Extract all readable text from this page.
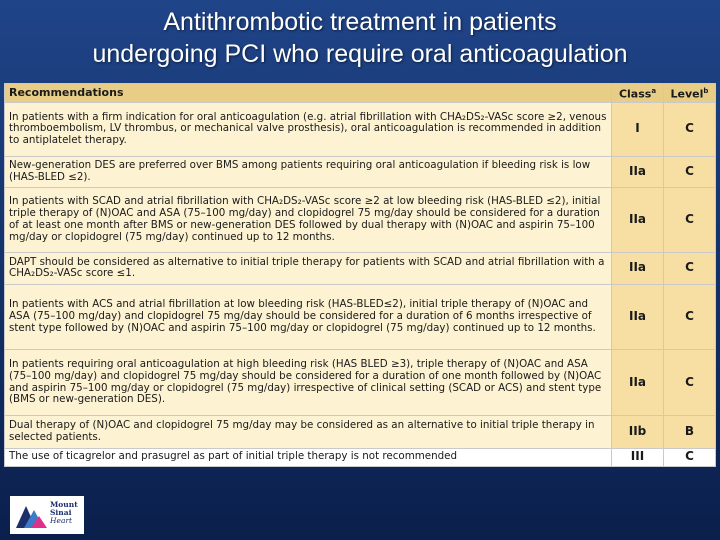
Antithrombotic treatment in patients
undergoing PCI who require oral anticoagulation
Recommendations	Class$^a$	Level$^b$
In patients with a firm indication for oral anticoagulation (e.g. atrial fibrillation with CHA₂DS₂-VASc score ≥2, venous thromboembolism, LV thrombus, or mechanical valve prosthesis), oral anticoagulation is recommended in addition to antiplatelet therapy.	I	C
New-generation DES are preferred over BMS among patients requiring oral anticoagulation if bleeding risk is low (HAS-BLED ≤2).	IIa	C
In patients with SCAD and atrial fibrillation with CHA₂DS₂-VASc score ≥2 at low bleeding risk (HAS-BLED ≤2), initial triple therapy of (N)OAC and ASA (75–100 mg/day) and clopidogrel 75 mg/day should be considered for a duration of at least one month after BMS or new-generation DES followed by dual therapy with (N)OAC and aspirin 75–100 mg/day or clopidogrel (75 mg/day) continued up to 12 months.	IIa	C
DAPT should be considered as alternative to initial triple therapy for patients with SCAD and atrial fibrillation with a CHA₂DS₂-VASc score ≤1.	IIa	C
In patients with ACS and atrial fibrillation at low bleeding risk (HAS-BLED≤2), initial triple therapy of (N)OAC and ASA (75–100 mg/day) and clopidogrel 75 mg/day should be considered for a duration of 6 months irrespective of stent type followed by (N)OAC and aspirin 75–100 mg/day or clopidogrel (75 mg/day) continued up to 12 months.	IIa	C
In patients requiring oral anticoagulation at high bleeding risk (HAS BLED ≥3), triple therapy of (N)OAC and ASA (75–100 mg/day) and clopidogrel 75 mg/day should be considered for a duration of one month followed by (N)OAC and aspirin 75–100 mg/day or clopidogrel (75 mg/day) irrespective of clinical setting (SCAD or ACS) and stent type (BMS or new-generation DES).	IIa	C
Dual therapy of (N)OAC and clopidogrel 75 mg/day may be considered as an alternative to initial triple therapy in selected patients.	IIb	B
The use of ticagrelor and prasugrel as part of initial triple therapy is not recommended	III	C
Mount
Sinai
Heart
